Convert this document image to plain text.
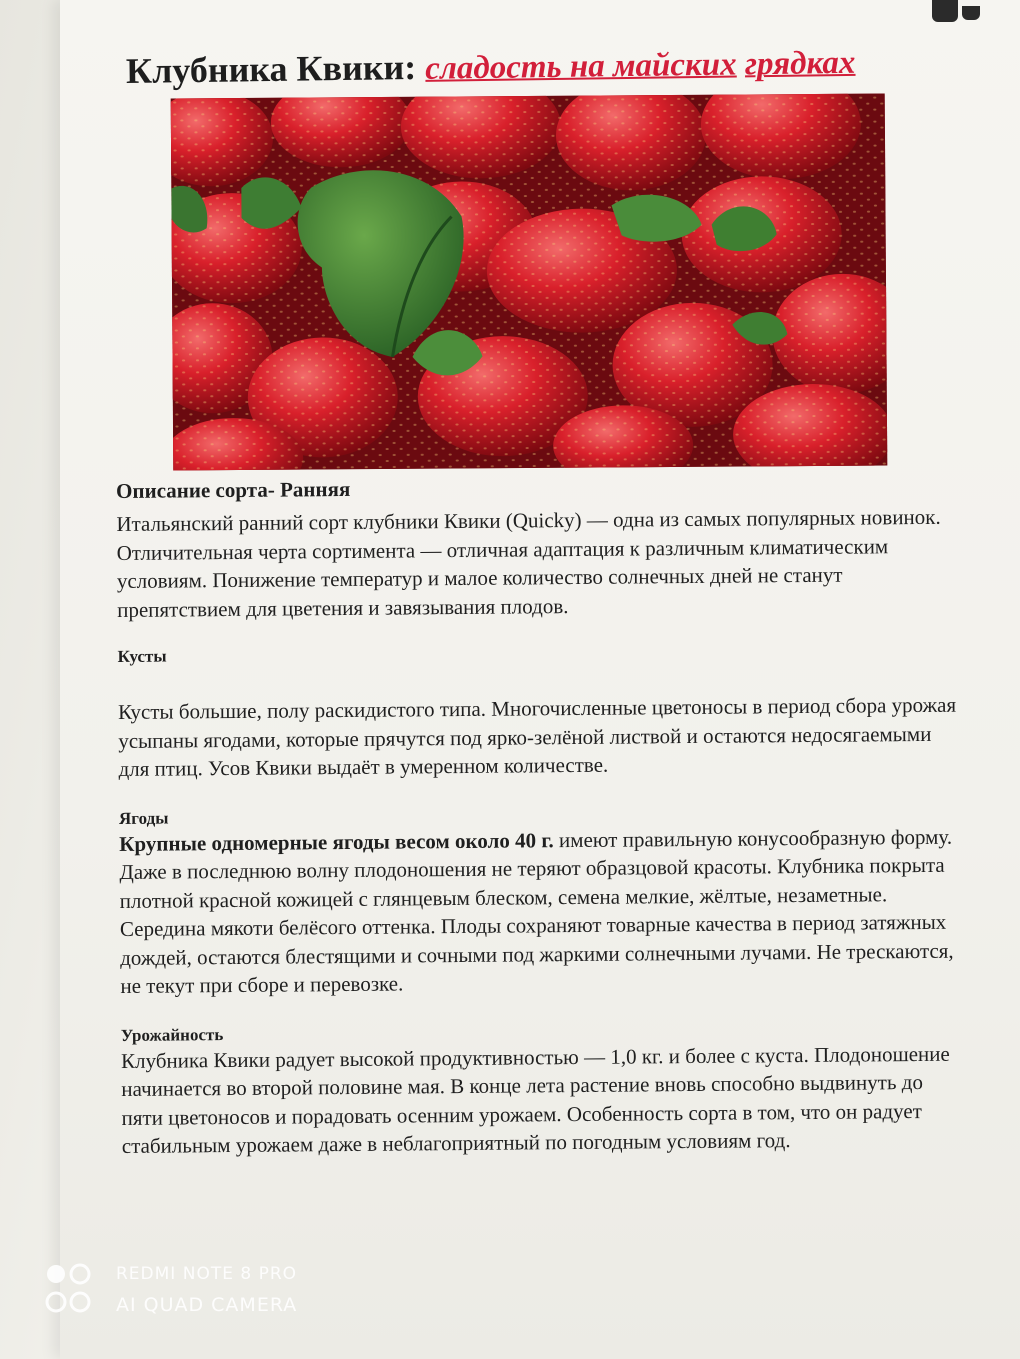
Клубника Квики: сладость на майских грядках
Описание сорта- Ранняя

Итальянский ранний сорт клубники Квики (Quicky) — одна из самых популярных новинок. Отличительная черта сортимента — отличная адаптация к различным климатическим условиям. Понижение температур и малое количество солнечных дней не станут препятствием для цветения и завязывания плодов.

Кусты

Кусты большие, полу раскидистого типа. Многочисленные цветоносы в период сбора урожая усыпаны ягодами, которые прячутся под ярко-зелёной листвой и остаются недосягаемыми для птиц. Усов Квики выдаёт в умеренном количестве.

Ягоды

Крупные одномерные ягоды весом около 40 г. имеют правильную конусообразную форму. Даже в последнюю волну плодоношения не теряют образцовой красоты. Клубника покрыта плотной красной кожицей с глянцевым блеском, семена мелкие, жёлтые, незаметные. Середина мякоти белёсого оттенка. Плоды сохраняют товарные качества в период затяжных дождей, остаются блестящими и сочными под жаркими солнечными лучами. Не трескаются, не текут при сборе и перевозке.

Урожайность

Клубника Квики радует высокой продуктивностью — 1,0 кг. и более с куста. Плодоношение начинается во второй половине мая. В конце лета растение вновь способно выдвинуть до пяти цветоносов и порадовать осенним урожаем. Особенность сорта в том, что он радует стабильным урожаем даже в неблагоприятный по погодным условиям год.

REDMI NOTE 8 PRO
AI QUAD CAMERA
